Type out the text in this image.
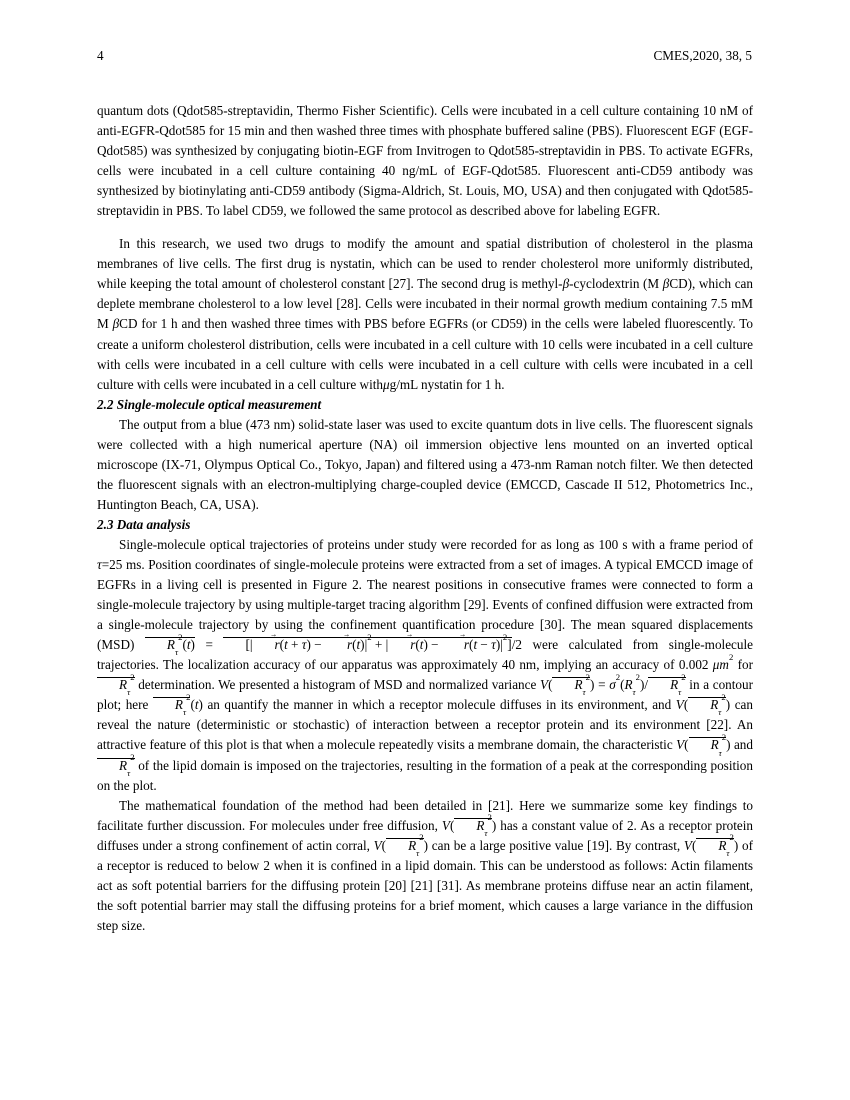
4	CMES,2020, 38, 5

quantum dots (Qdot585-streptavidin, Thermo Fisher Scientific). Cells were incubated in a cell culture containing 10 nM of anti-EGFR-Qdot585 for 15 min and then washed three times with phosphate buffered saline (PBS). Fluorescent EGF (EGF-Qdot585) was synthesized by conjugating biotin-EGF from Invitrogen to Qdot585-streptavidin in PBS. To activate EGFRs, cells were incubated in a cell culture containing 40 ng/mL of EGF-Qdot585. Fluorescent anti-CD59 antibody was synthesized by biotinylating anti-CD59 antibody (Sigma-Aldrich, St. Louis, MO, USA) and then conjugated with Qdot585-streptavidin in PBS. To label CD59, we followed the same protocol as described above for labeling EGFR.

In this research, we used two drugs to modify the amount and spatial distribution of cholesterol in the plasma membranes of live cells. The first drug is nystatin, which can be used to render cholesterol more uniformly distributed, while keeping the total amount of cholesterol constant [27]. The second drug is methyl-β-cyclodextrin (M βCD), which can deplete membrane cholesterol to a low level [28]. Cells were incubated in their normal growth medium containing 7.5 mM M βCD for 1 h and then washed three times with PBS before EGFRs (or CD59) in the cells were labeled fluorescently. To create a uniform cholesterol distribution, cells were incubated in a cell culture with 10 cells were incubated in a cell culture with cells were incubated in a cell culture with cells were incubated in a cell culture with cells were incubated in a cell culture with cells were incubated in a cell culture withμg/mL nystatin for 1 h.

2.2 Single-molecule optical measurement

The output from a blue (473 nm) solid-state laser was used to excite quantum dots in live cells. The fluorescent signals were collected with a high numerical aperture (NA) oil immersion objective lens mounted on an inverted optical microscope (IX-71, Olympus Optical Co., Tokyo, Japan) and filtered using a 473-nm Raman notch filter. We then detected the fluorescent signals with an electron-multiplying charge-coupled device (EMCCD, Cascade II 512, Photometrics Inc., Huntington Beach, CA, USA).

2.3 Data analysis

Single-molecule optical trajectories of proteins under study were recorded for as long as 100 s with a frame period of τ=25 ms. Position coordinates of single-molecule proteins were extracted from a set of images. A typical EMCCD image of EGFRs in a living cell is presented in Figure 2. The nearest positions in consecutive frames were connected to form a single-molecule trajectory by using multiple-target tracing algorithm [29]. Events of confined diffusion were extracted from a single-molecule trajectory by using the confinement quantification procedure [30]. The mean squared displacements (MSD) $R_\tau^2(t)$ = [| $r \to(t + \tau) - r \to(t)|^2$ + | $r \to(t) - r \to(t - \tau)|^2]/2$ were calculated from single-molecule trajectories. The localization accuracy of our apparatus was approximately 40 nm, implying an accuracy of 0.002 $\mu m^2$ for $R_\tau^2$ determination. We presented a histogram of MSD and normalized variance V( $R_\tau^2) = \sigma^2(R_\tau^2)/$ $R_\tau^2$ in a contour plot; here $R_\tau^2(t)$ an quantify the manner in which a receptor molecule diffuses in its environment, and V( $R_\tau^2$) can reveal the nature (deterministic or stochastic) of interaction between a receptor protein and its environment [22]. An attractive feature of this plot is that when a molecule repeatedly visits a membrane domain, the characteristic V( $R_\tau^2$) and $R_\tau^2$ of the lipid domain is imposed on the trajectories, resulting in the formation of a peak at the corresponding position on the plot.

The mathematical foundation of the method had been detailed in [21]. Here we summarize some key findings to facilitate further discussion. For molecules under free diffusion, V( $R_\tau^2$) has a constant value of 2. As a receptor protein diffuses under a strong confinement of actin corral, V( $R_\tau^2$) can be a large positive value [19]. By contrast, V( $R_\tau^2$) of a receptor is reduced to below 2 when it is confined in a lipid domain. This can be understood as follows: Actin filaments act as soft potential barriers for the diffusing protein [20] [21] [31]. As membrane proteins diffuse near an actin filament, the soft potential barrier may stall the diffusing proteins for a brief moment, which causes a large variance in the diffusion step size.
